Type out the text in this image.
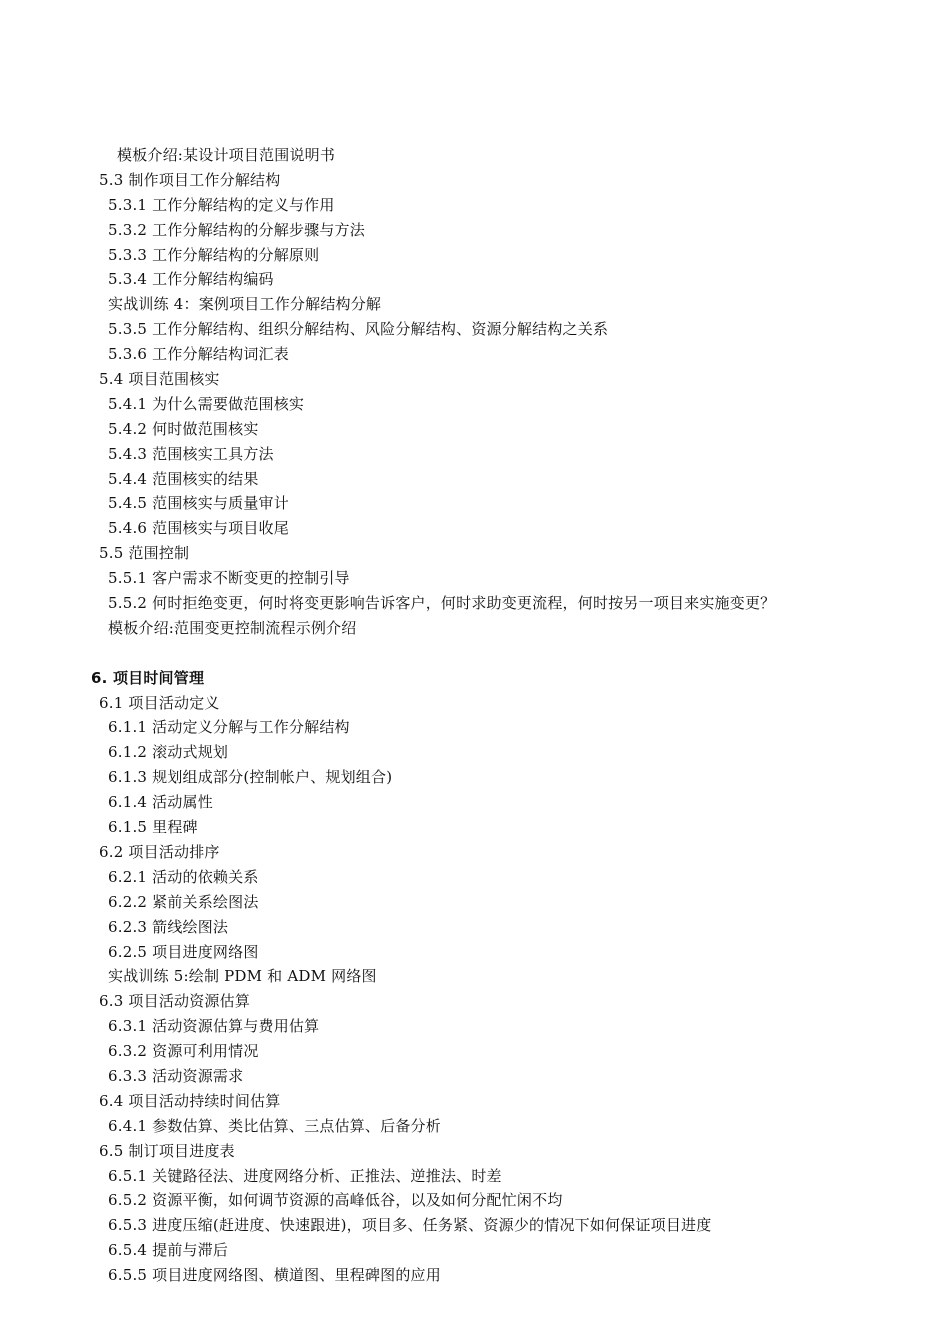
模板介绍:某设计项目范围说明书
5.3 制作项目工作分解结构
5.3.1 工作分解结构的定义与作用
5.3.2 工作分解结构的分解步骤与方法
5.3.3 工作分解结构的分解原则
5.3.4 工作分解结构编码
实战训练 4：案例项目工作分解结构分解
5.3.5 工作分解结构、组织分解结构、风险分解结构、资源分解结构之关系
5.3.6 工作分解结构词汇表
5.4 项目范围核实
5.4.1 为什么需要做范围核实
5.4.2 何时做范围核实
5.4.3 范围核实工具方法
5.4.4 范围核实的结果
5.4.5 范围核实与质量审计
5.4.6 范围核实与项目收尾
5.5 范围控制
5.5.1 客户需求不断变更的控制引导
5.5.2 何时拒绝变更，何时将变更影响告诉客户，何时求助变更流程，何时按另一项目来实施变更？
模板介绍:范围变更控制流程示例介绍
6. 项目时间管理
6.1 项目活动定义
6.1.1 活动定义分解与工作分解结构
6.1.2 滚动式规划
6.1.3 规划组成部分(控制帐户、规划组合)
6.1.4 活动属性
6.1.5 里程碑
6.2 项目活动排序
6.2.1 活动的依赖关系
6.2.2 紧前关系绘图法
6.2.3 箭线绘图法
6.2.5 项目进度网络图
实战训练 5:绘制 PDM 和 ADM 网络图
6.3 项目活动资源估算
6.3.1 活动资源估算与费用估算
6.3.2 资源可利用情况
6.3.3 活动资源需求
6.4 项目活动持续时间估算
6.4.1 参数估算、类比估算、三点估算、后备分析
6.5 制订项目进度表
6.5.1 关键路径法、进度网络分析、正推法、逆推法、时差
6.5.2 资源平衡，如何调节资源的高峰低谷，以及如何分配忙闲不均
6.5.3 进度压缩(赶进度、快速跟进)，项目多、任务紧、资源少的情况下如何保证项目进度
6.5.4 提前与滞后
6.5.5 项目进度网络图、横道图、里程碑图的应用
